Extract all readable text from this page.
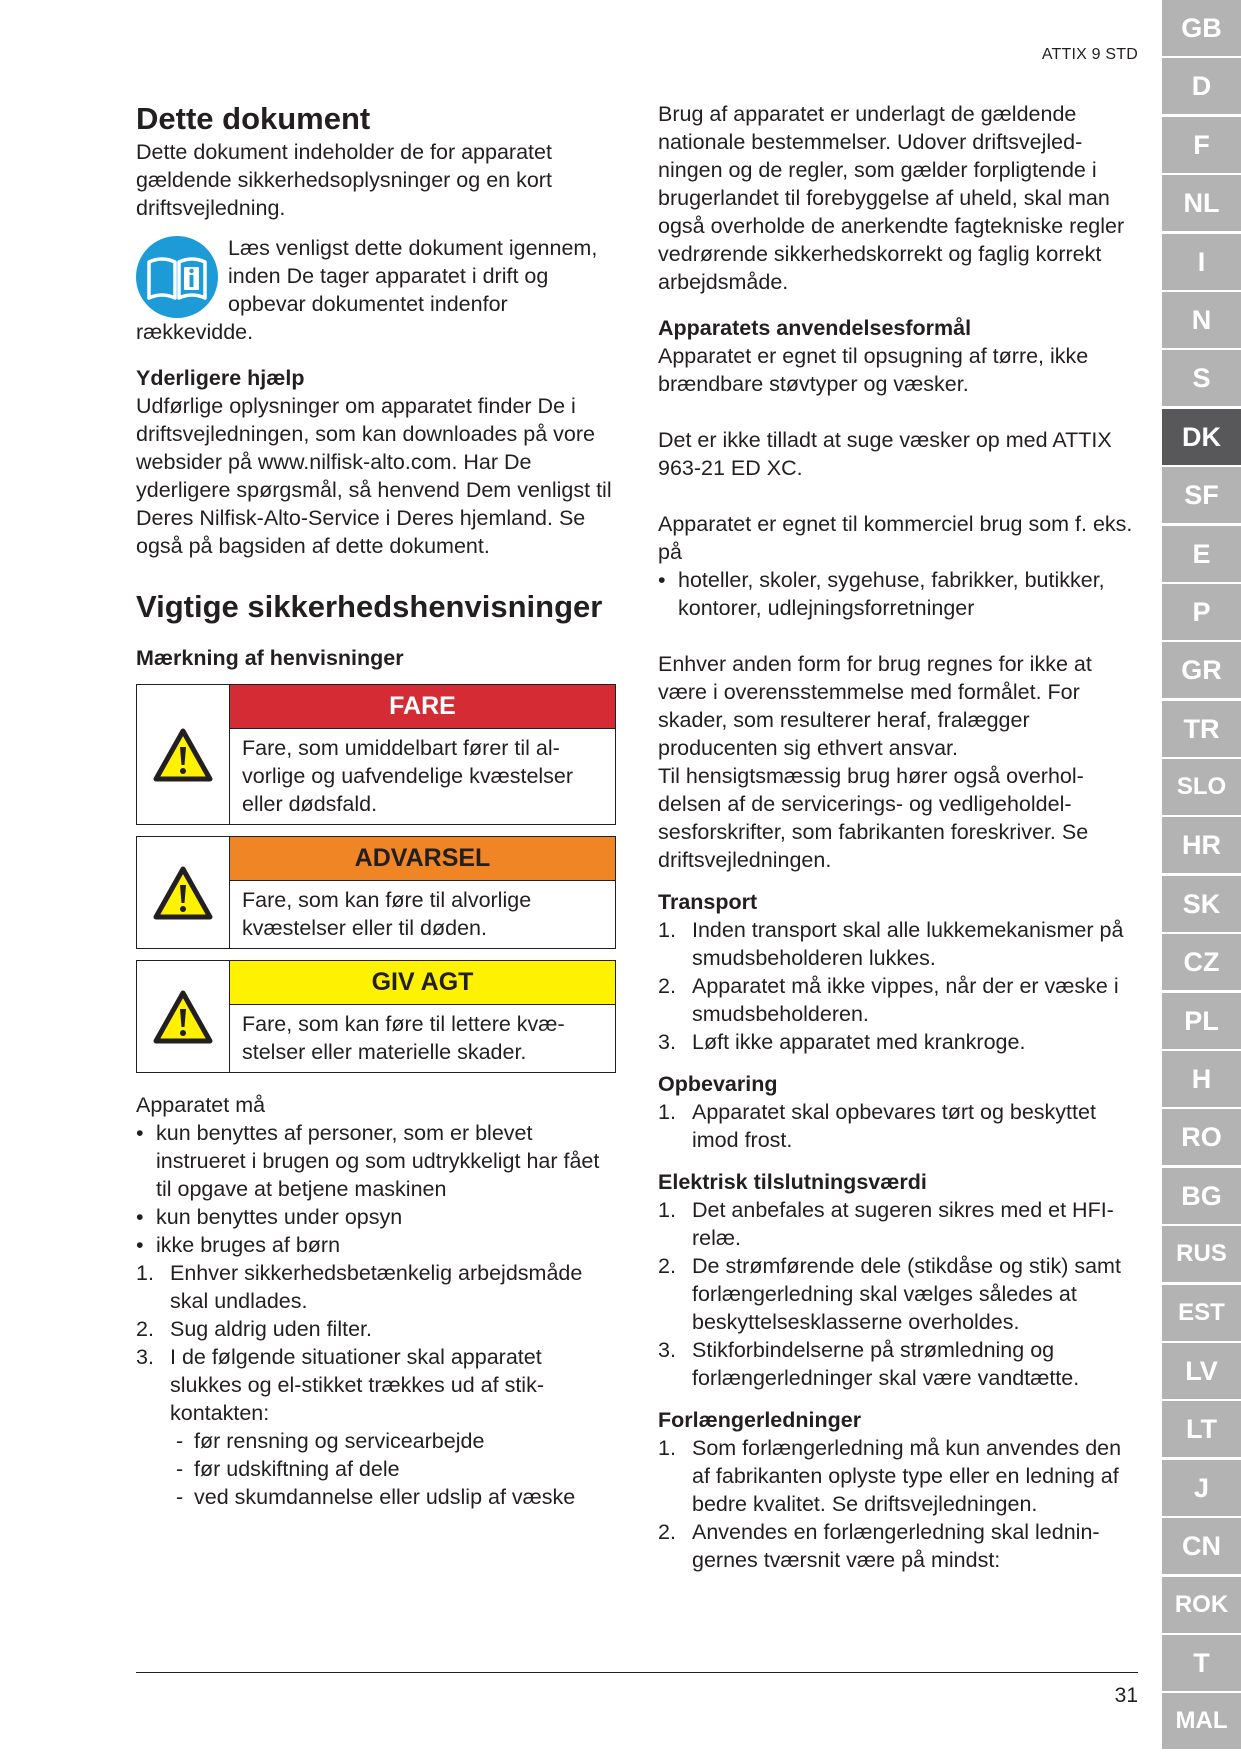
ATTIX 9 STD
Dette dokument

Dette dokument indeholder de for apparatet gældende sikkerhedsoplysninger og en kort driftsvejledning.

Læs venligst dette dokument igennem, inden De tager apparatet i drift og opbevar dokumentet indenfor rækkevidde.

Yderligere hjælp

Udførlige oplysninger om apparatet finder De i driftsvejledningen, som kan downloades på vore websider på www.nilfisk-alto.com. Har De yderligere spørgsmål, så henvend Dem venligst til Deres Nilfisk-Alto-Service i Deres hjemland. Se også på bagsiden af dette dokument.

Vigtige sikkerhedshenvisninger
Mærkning af henvisninger
FARE
Fare, som umiddelbart fører til alvorlige og uafvendelige kvæstelser eller dødsfald.
ADVARSEL
Fare, som kan føre til alvorlige kvæstelser eller til døden.
GIV AGT
Fare, som kan føre til lettere kvæstelser eller materielle skader.

Apparatet må

• kun benyttes af personer, som er blevet instrueret i brugen og som udtrykkeligt har fået til opgave at betjene maskinen
• kun benyttes under opsyn
• ikke bruges af børn
1. Enhver sikkerhedsbetænkelig arbejdsmåde skal undlades.
2. Sug aldrig uden filter.
3. I de følgende situationer skal apparatet slukkes og el-stikket trækkes ud af stikkontakten:
- før rensning og servicearbejde
- før udskiftning af dele
- ved skumdannelse eller udslip af væske

Brug af apparatet er underlagt de gældende nationale bestemmelser. Udover driftsvejledningen og de regler, som gælder forpligtende i brugerlandet til forebyggelse af uheld, skal man også overholde de anerkendte fagtekniske regler vedrørende sikkerhedskorrekt og faglig korrekt arbejdsmåde.

Apparatets anvendelsesformål

Apparatet er egnet til opsugning af tørre, ikke brændbare støvtyper og væsker.

Det er ikke tilladt at suge væsker op med ATTIX 963-21 ED XC.

Apparatet er egnet til kommerciel brug som f. eks. på

• hoteller, skoler, sygehuse, fabrikker, butikker, kontorer, udlejningsforretninger

Enhver anden form for brug regnes for ikke at være i overensstemmelse med formålet. For skader, som resulterer heraf, fralægger producenten sig ethvert ansvar.

Til hensigtsmæssig brug hører også overholdelsen af de servicerings- og vedligeholdelsesforskrifter, som fabrikanten foreskriver. Se driftsvejledningen.

Transport
1. Inden transport skal alle lukkemekanismer på smudsbeholderen lukkes.
2. Apparatet må ikke vippes, når der er væske i smudsbeholderen.
3. Løft ikke apparatet med krankroge.
Opbevaring
1. Apparatet skal opbevares tørt og beskyttet imod frost.
Elektrisk tilslutningsværdi
1. Det anbefales at sugeren sikres med et HFI-relæ.
2. De strømførende dele (stikdåse og stik) samt forlængerledning skal vælges således at beskyttelsesklasserne overholdes.
3. Stikforbindelserne på strømledning og forlængerledninger skal være vandtætte.
Forlængerledninger
1. Som forlængerledning må kun anvendes den af fabrikanten oplyste type eller en ledning af bedre kvalitet. Se driftsvejledningen.
2. Anvendes en forlængerledning skal ledningernes tværsnit være på mindst:
31
GB
D
F
NL
I
N
S
DK
SF
E
P
GR
TR
SLO
HR
SK
CZ
PL
H
RO
BG
RUS
EST
LV
LT
J
CN
ROK
T
MAL
